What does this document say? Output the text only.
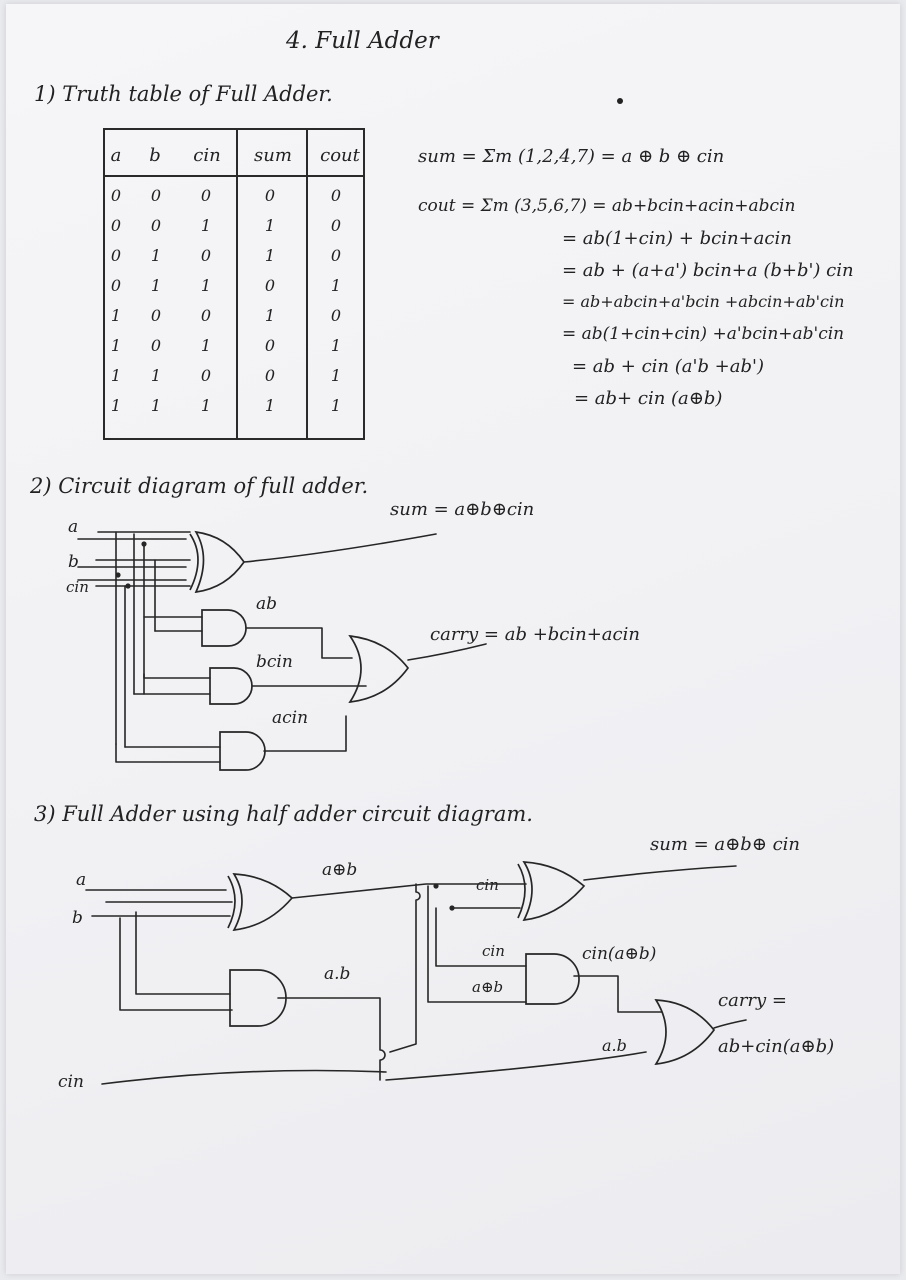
4. Full Adder
1) Truth table of Full Adder.
a	b	cin	sum	cout
0	0	0	0	0
0	0	1	1	0
0	1	0	1	0
0	1	1	0	1
1	0	0	1	0
1	0	1	0	1
1	1	0	0	1
1	1	1	1	1
sum = Σm (1,2,4,7) = a ⊕ b ⊕ cin
cout = Σm (3,5,6,7) = ab+bcin+acin+abcin
= ab(1+cin) + bcin+acin
= ab + (a+a') bcin+a (b+b') cin
= ab+abcin+a'bcin +abcin+ab'cin
= ab(1+cin+cin) +a'bcin+ab'cin
= ab + cin (a'b +ab')
= ab+ cin (a⊕b)
2) Circuit diagram of full adder.
a
b
cin
sum = a⊕b⊕cin
ab
bcin
acin
carry = ab +bcin+acin
3) Full Adder using half adder circuit diagram.
a
b
cin
a⊕b
a.b
cin
cin
a⊕b
cin(a⊕b)
a.b
sum = a⊕b⊕ cin
carry =
ab+cin(a⊕b)
